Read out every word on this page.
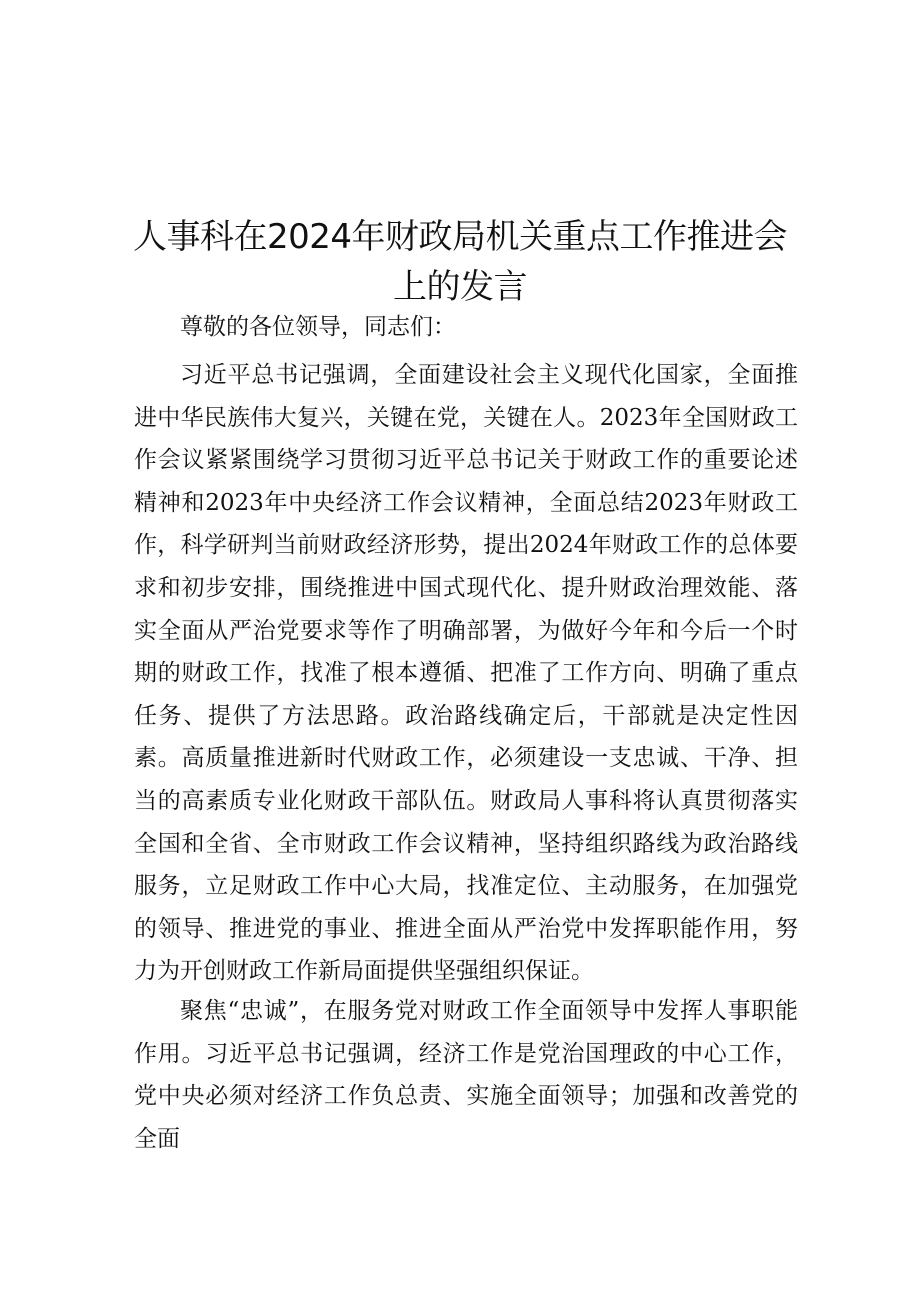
人事科在2024年财政局机关重点工作推进会上的发言

尊敬的各位领导，同志们：

习近平总书记强调，全面建设社会主义现代化国家，全面推进中华民族伟大复兴，关键在党，关键在人。2023年全国财政工作会议紧紧围绕学习贯彻习近平总书记关于财政工作的重要论述精神和2023年中央经济工作会议精神，全面总结2023年财政工作，科学研判当前财政经济形势，提出2024年财政工作的总体要求和初步安排，围绕推进中国式现代化、提升财政治理效能、落实全面从严治党要求等作了明确部署，为做好今年和今后一个时期的财政工作，找准了根本遵循、把准了工作方向、明确了重点任务、提供了方法思路。政治路线确定后，干部就是决定性因素。高质量推进新时代财政工作，必须建设一支忠诚、干净、担当的高素质专业化财政干部队伍。财政局人事科将认真贯彻落实全国和全省、全市财政工作会议精神，坚持组织路线为政治路线服务，立足财政工作中心大局，找准定位、主动服务，在加强党的领导、推进党的事业、推进全面从严治党中发挥职能作用，努力为开创财政工作新局面提供坚强组织保证。

聚焦“忠诚”，在服务党对财政工作全面领导中发挥人事职能作用。习近平总书记强调，经济工作是党治国理政的中心工作，党中央必须对经济工作负总责、实施全面领导；加强和改善党的全面
